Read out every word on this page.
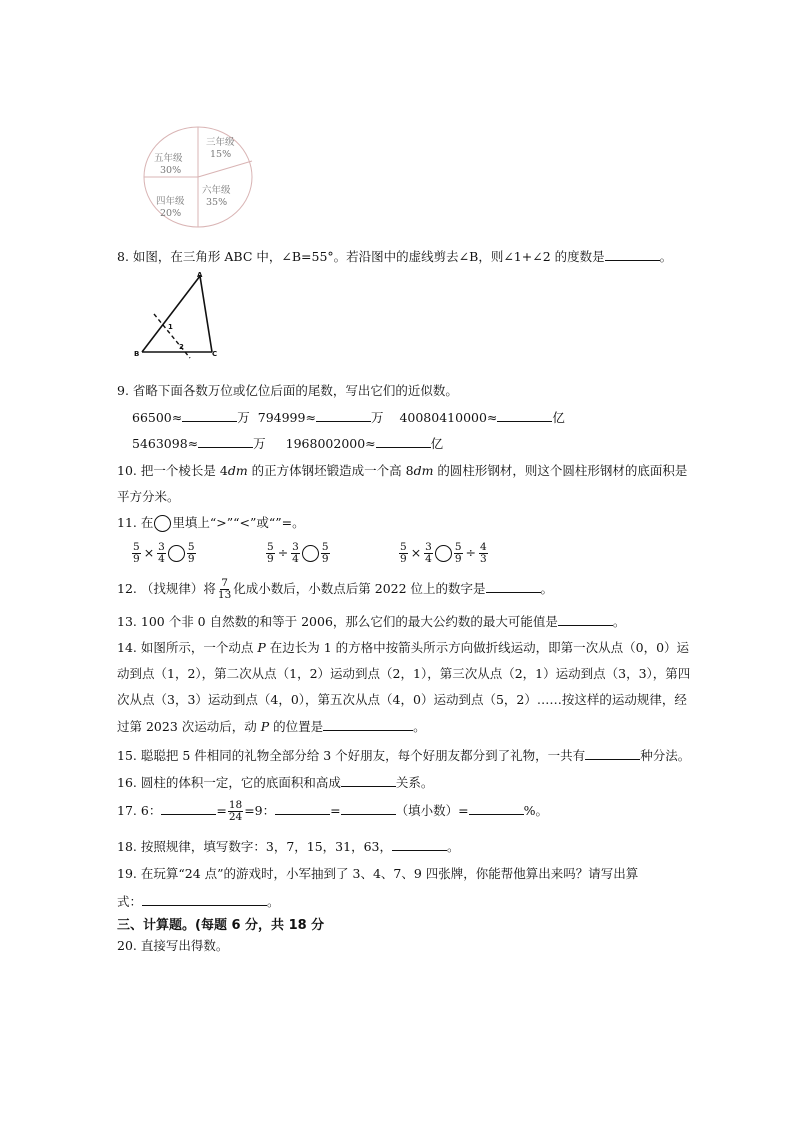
三年级
15%
六年级
35%
四年级
20%
五年级
30%
8. 如图，在三角形 ABC 中，∠B=55°。若沿图中的虚线剪去∠B，则∠1+∠2 的度数是	。
A
B	C
1
2
9. 省略下面各数万位或亿位后面的尾数，写出它们的近似数。
66500≈	万 794999≈	万 40080410000≈	亿
5463098≈	万 1968002000≈	亿
10. 把一个棱长是 4dm 的正方体钢坯锻造成一个高 8dm 的圆柱形钢材，则这个圆柱形钢材的底面积是
平方分米。
11. 在 里填上“>”“<”或“”=。
$\frac{5}{9} \times \frac{3}{4} \frac{5}{9}$	$\frac{5}{9} \div \frac{3}{4} \frac{5}{9}$	$\frac{5}{9} \times \frac{3}{4} \frac{5}{9} \div \frac{4}{3}$
12. （找规律）将 $\frac{7}{13}$ 化成小数后，小数点后第 2022 位上的数字是	。
13. 100 个非 0 自然数的和等于 2006，那么它们的最大公约数的最大可能值是	。
14. 如图所示，一个动点 P 在边长为 1 的方格中按箭头所示方向做折线运动，即第一次从点（0，0）运
动到点（1，2），第二次从点（1，2）运动到点（2，1），第三次从点（2，1）运动到点（3，3），第四
次从点（3，3）运动到点（4，0），第五次从点（4，0）运动到点（5，2）……按这样的运动规律，经
过第 2023 次运动后，动 P 的位置是	。
15. 聪聪把 5 件相同的礼物全部分给 3 个好朋友，每个好朋友都分到了礼物，一共有	种分法。
16. 圆柱的体积一定，它的底面积和高成	关系。
17. 6：	= $\frac{18}{24} =9$：	=	（填小数）=	%。
18. 按照规律，填写数字：3，7，15，31，63，	。
19. 在玩算“24 点”的游戏时，小军抽到了 3、4、7、9 四张牌，你能帮他算出来吗？请写出算
式：	。
三、计算题。(每题 6 分，共 18 分
20. 直接写出得数。
